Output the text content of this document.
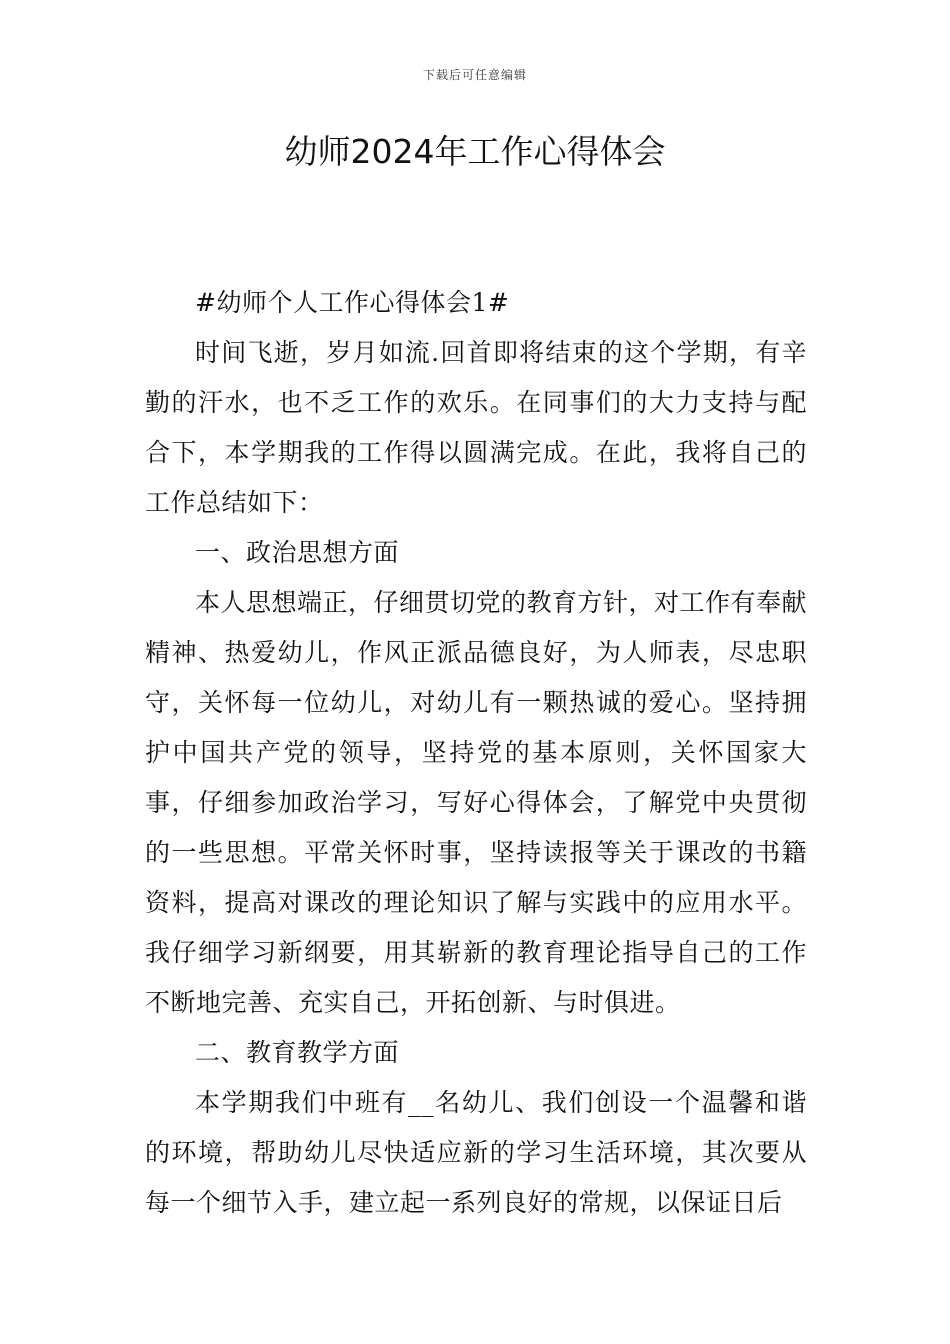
下载后可任意编辑
幼师2024年工作心得体会

#幼师个人工作心得体会1#

时间飞逝，岁月如流.回首即将结束的这个学期，有辛勤的汗水，也不乏工作的欢乐。在同事们的大力支持与配合下，本学期我的工作得以圆满完成。在此，我将自己的工作总结如下：

一、政治思想方面

本人思想端正，仔细贯切党的教育方针，对工作有奉献精神、热爱幼儿，作风正派品德良好，为人师表，尽忠职守，关怀每一位幼儿，对幼儿有一颗热诚的爱心。坚持拥护中国共产党的领导，坚持党的基本原则，关怀国家大事，仔细参加政治学习，写好心得体会，了解党中央贯彻的一些思想。平常关怀时事，坚持读报等关于课改的书籍资料，提高对课改的理论知识了解与实践中的应用水平。我仔细学习新纲要，用其崭新的教育理论指导自己的工作不断地完善、充实自己，开拓创新、与时俱进。

二、教育教学方面

本学期我们中班有__名幼儿、我们创设一个温馨和谐的环境，帮助幼儿尽快适应新的学习生活环境，其次要从每一个细节入手，建立起一系列良好的常规，以保证日后
